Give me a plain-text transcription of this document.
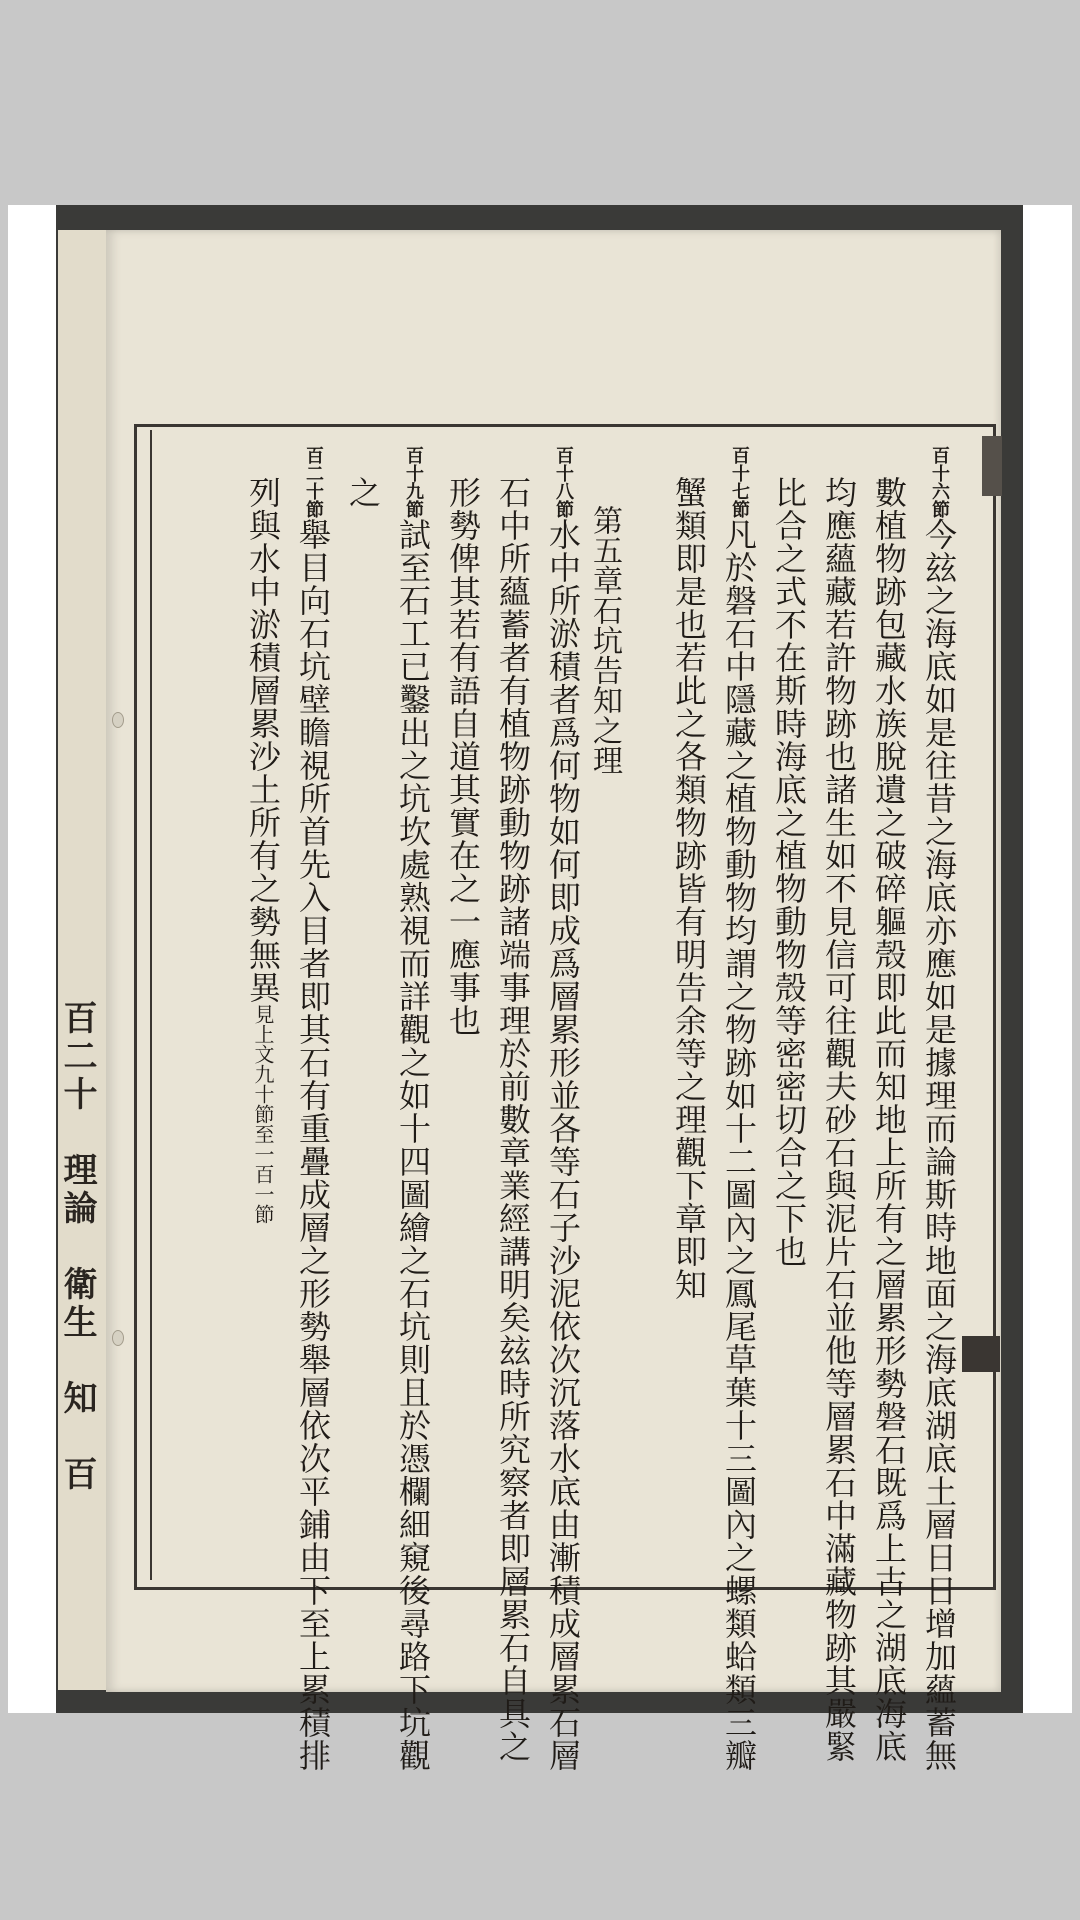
百二十　理論　衛生　知　百
百十六節今玆之海底如是往昔之海底亦應如是據理而論斯時地面之海底湖底土層日日增加蘊蓄無
數植物跡包藏水族脫遺之破碎軀殼即此而知地上所有之層累形勢磐石既爲上古之湖底海底
均應蘊藏若許物跡也諸生如不見信可往觀夫砂石與泥片石並他等層累石中滿藏物跡其嚴緊
比合之式不在斯時海底之植物動物殼等密密切合之下也
百十七節凡於磐石中隱藏之植物動物均謂之物跡如十二圖內之鳳尾草葉十三圖內之螺類蛤類三瓣
蟹類即是也若此之各類物跡皆有明告余等之理觀下章即知
第五章石坑告知之理
百十八節水中所淤積者爲何物如何即成爲層累形並各等石子沙泥依次沉落水底由漸積成層累石層
石中所蘊蓄者有植物跡動物跡諸端事理於前數章業經講明矣玆時所究察者即層累石自具之
形勢俾其若有語自道其實在之一應事也
百十九節試至石工已鑿出之坑坎處熟視而詳觀之如十四圖繪之石坑則且於憑欄細窺後尋路下坑觀
之
百二十節舉目向石坑壁瞻視所首先入目者即其石有重疊成層之形勢舉層依次平鋪由下至上累積排
列與水中淤積層累沙土所有之勢無異見上文九十節至一百一節
